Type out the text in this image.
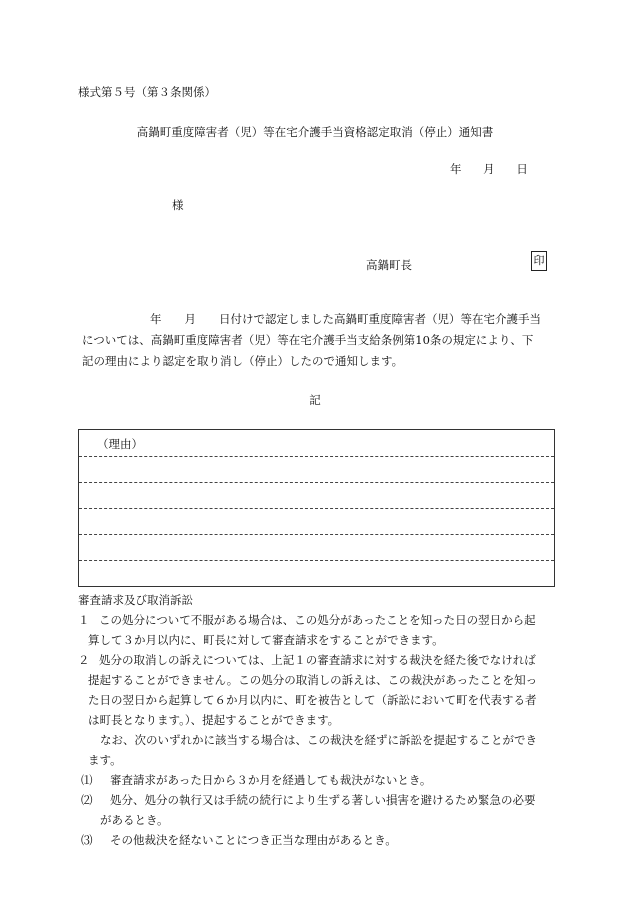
様式第５号（第３条関係）
高鍋町重度障害者（児）等在宅介護手当資格認定取消（停止）通知書
年 月 日
様
高鍋町長	印
年　　月　　日付けで認定しました高鍋町重度障害者（児）等在宅介護手当
については、高鍋町重度障害者（児）等在宅介護手当支給条例第10条の規定により、下
記の理由により認定を取り消し（停止）したので通知します。
記
（理由）
審査請求及び取消訴訟
１ この処分について不服がある場合は、この処分があったことを知った日の翌日から起
算して３か月以内に、町長に対して審査請求をすることができます。
２ 処分の取消しの訴えについては、上記１の審査請求に対する裁決を経た後でなければ
提起することができません。この処分の取消しの訴えは、この裁決があったことを知っ
た日の翌日から起算して６か月以内に、町を被告として（訴訟において町を代表する者
は町長となります。）、提起することができます。
なお、次のいずれかに該当する場合は、この裁決を経ずに訴訟を提起することができ
ます。
⑴	審査請求があった日から３か月を経過しても裁決がないとき。
⑵	処分、処分の執行又は手続の続行により生ずる著しい損害を避けるため緊急の必要
があるとき。
⑶	その他裁決を経ないことにつき正当な理由があるとき。
